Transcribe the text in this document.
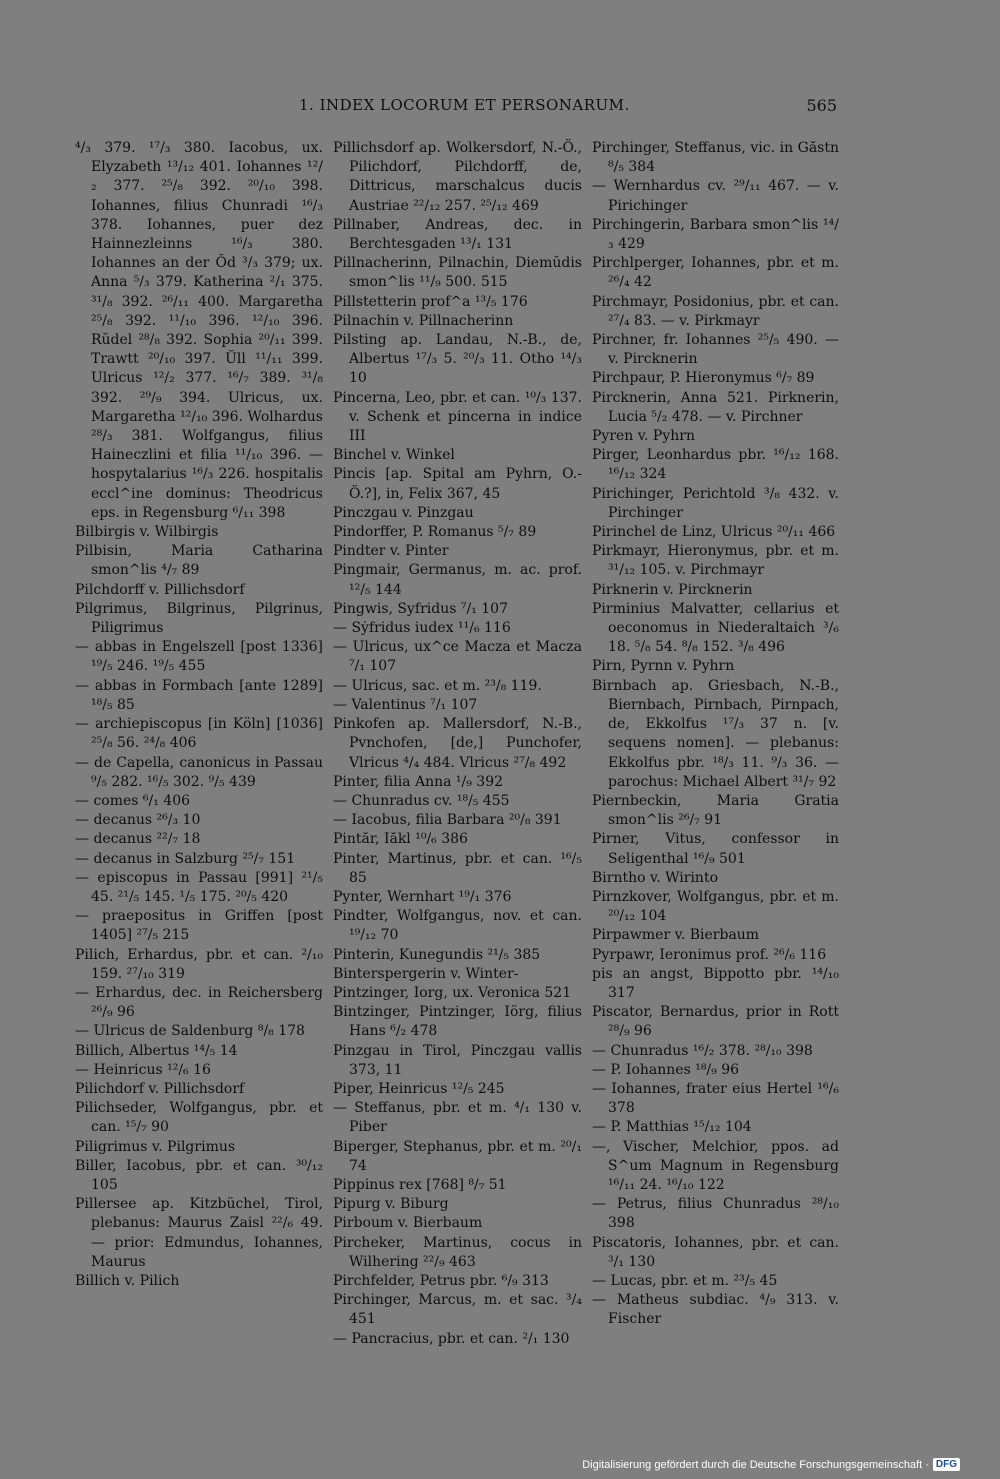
1. INDEX LOCORUM ET PERSONARUM.	565

⁴/₃ 379. ¹⁷/₃ 380. Iacobus, ux. Elyzabeth ¹³/₁₂ 401. Iohannes ¹²/₂ 377. ²⁵/₈ 392. ²⁰/₁₀ 398. Iohannes, filius Chunradi ¹⁶/₃ 378. Iohannes, puer dez Hainnezleinns ¹⁶/₃ 380. Iohannes an der Ŏd ³/₃ 379; ux. Anna ⁵/₃ 379. Katherina ²/₁ 375. ³¹/₈ 392. ²⁶/₁₁ 400. Margaretha ²⁵/₈ 392. ¹¹/₁₀ 396. ¹²/₁₀ 396. Rŭdel ²⁸/₈ 392. Sophia ²⁰/₁₁ 399. Trawtt ²⁰/₁₀ 397. Ŭll ¹¹/₁₁ 399. Ulricus ¹²/₂ 377. ¹⁶/₇ 389. ³¹/₈ 392. ²⁹/₉ 394. Ulricus, ux. Margaretha ¹²/₁₀ 396. Wolhardus ²⁸/₃ 381. Wolfgangus, filius Haineczlini et filia ¹¹/₁₀ 396. — hospytalarius ¹⁶/₃ 226. hospitalis eccl^ine dominus: Theodricus eps. in Regensburg ⁶/₁₁ 398

Bilbirgis v. Wilbirgis

Pilbisin, Maria Catharina smon^lis ⁴/₇ 89

Pilchdorff v. Pillichsdorf

Pilgrimus, Bilgrinus, Pilgrinus, Piligrimus

— abbas in Engelszell [post 1336] ¹⁹/₅ 246. ¹⁹/₅ 455

— abbas in Formbach [ante 1289] ¹⁸/₅ 85

— archiepiscopus [in Köln] [1036] ²⁵/₈ 56. ²⁴/₈ 406

— de Capella, canonicus in Passau ⁹/₅ 282. ¹⁶/₅ 302. ⁹/₅ 439

— comes ⁶/₁ 406

— decanus ²⁶/₃ 10

— decanus ²²/₇ 18

— decanus in Salzburg ²⁵/₇ 151

— episcopus in Passau [991] ²¹/₅ 45. ²¹/₅ 145. ¹/₅ 175. ²⁰/₅ 420

— praepositus in Griffen [post 1405] ²⁷/₅ 215

Pilich, Erhardus, pbr. et can. ²/₁₀ 159. ²⁷/₁₀ 319

— Erhardus, dec. in Reichersberg ²⁶/₉ 96

— Ulricus de Saldenburg ⁸/₈ 178

Billich, Albertus ¹⁴/₅ 14

— Heinricus ¹²/₆ 16

Pilichdorf v. Pillichsdorf

Pilichseder, Wolfgangus, pbr. et can. ¹⁵/₇ 90

Piligrimus v. Pilgrimus

Biller, Iacobus, pbr. et can. ³⁰/₁₂ 105

Pillersee ap. Kitzbüchel, Tirol, plebanus: Maurus Zaisl ²²/₆ 49. — prior: Edmundus, Iohannes, Maurus

Billich v. Pilich

Pillichsdorf ap. Wolkersdorf, N.-Ö., Pilichdorf, Pilchdorff, de, Dittricus, marschalcus ducis Austriae ²²/₁₂ 257. ²⁵/₁₂ 469

Pillnaber, Andreas, dec. in Berchtesgaden ¹³/₁ 131

Pillnacherinn, Pilnachin, Diemŭdis smon^lis ¹¹/₉ 500. 515

Pillstetterin prof^a ¹³/₅ 176

Pilnachin v. Pillnacherinn

Pilsting ap. Landau, N.-B., de, Albertus ¹⁷/₃ 5. ²⁰/₃ 11. Otho ¹⁴/₃ 10

Pincerna, Leo, pbr. et can. ¹⁰/₃ 137. v. Schenk et pincerna in indice III

Binchel v. Winkel

Pincis [ap. Spital am Pyhrn, O.-Ö.?], in, Felix 367, 45

Pinczgau v. Pinzgau

Pindorffer, P. Romanus ⁵/₇ 89

Pindter v. Pinter

Pingmair, Germanus, m. ac. prof. ¹²/₅ 144

Pingwis, Syfridus ⁷/₁ 107

— Sẏfridus iudex ¹¹/₆ 116

— Ulricus, ux^ce Macza et Macza ⁷/₁ 107

— Ulricus, sac. et m. ²³/₈ 119.

— Valentinus ⁷/₁ 107

Pinkofen ap. Mallersdorf, N.-B., Pvnchofen, [de,] Punchofer, Vlricus ⁴/₄ 484. Vlricus ²⁷/₈ 492

Pinter, filia Anna ¹/₉ 392

— Chunradus cv. ¹⁸/₅ 455

— Iacobus, filia Barbara ²⁰/₈ 391

Pintăr, Iăkl ¹⁰/₆ 386

Pinter, Martinus, pbr. et can. ¹⁶/₅ 85

Pynter, Wernhart ¹⁹/₁ 376

Pindter, Wolfgangus, nov. et can. ¹⁹/₁₂ 70

Pinterin, Kunegundis ²¹/₅ 385

Binterspergerin v. Winter-

Pintzinger, Iorg, ux. Veronica 521

Bintzinger, Pintzinger, Iörg, filius Hans ⁶/₂ 478

Pinzgau in Tirol, Pinczgau vallis 373, 11

Piper, Heinricus ¹²/₅ 245

— Steffanus, pbr. et m. ⁴/₁ 130 v. Piber

Biperger, Stephanus, pbr. et m. ²⁰/₁ 74

Pippinus rex [768] ⁸/₇ 51

Pipurg v. Biburg

Pirboum v. Bierbaum

Pircheker, Martinus, cocus in Wilhering ²²/₉ 463

Pirchfelder, Petrus pbr. ⁶/₉ 313

Pirchinger, Marcus, m. et sac. ³/₄ 451

— Pancracius, pbr. et can. ²/₁ 130

Pirchinger, Steffanus, vic. in Găstn ⁸/₅ 384

— Wernhardus cv. ²⁹/₁₁ 467. — v. Pirichinger

Pirchingerin, Barbara smon^lis ¹⁴/₃ 429

Pirchlperger, Iohannes, pbr. et m. ²⁶/₄ 42

Pirchmayr, Posidonius, pbr. et can. ²⁷/₄ 83. — v. Pirkmayr

Pirchner, fr. Iohannes ²⁵/₅ 490. — v. Pircknerin

Pirchpaur, P. Hieronymus ⁶/₇ 89

Pircknerin, Anna 521. Pirknerin, Lucia ⁵/₂ 478. — v. Pirchner

Pyren v. Pyhrn

Pirger, Leonhardus pbr. ¹⁶/₁₂ 168. ¹⁶/₁₂ 324

Pirichinger, Perichtold ³/₈ 432. v. Pirchinger

Pirinchel de Linz, Ulricus ²⁰/₁₁ 466

Pirkmayr, Hieronymus, pbr. et m. ³¹/₁₂ 105. v. Pirchmayr

Pirknerin v. Pircknerin

Pirminius Malvatter, cellarius et oeconomus in Niederaltaich ³/₆ 18. ⁵/₈ 54. ⁸/₈ 152. ³/₈ 496

Pirn, Pyrnn v. Pyhrn

Birnbach ap. Griesbach, N.-B., Biernbach, Pirnbach, Pirnpach, de, Ekkolfus ¹⁷/₃ 37 n. [v. sequens nomen]. — plebanus: Ekkolfus pbr. ¹⁸/₃ 11. ⁹/₃ 36. — parochus: Michael Albert ³¹/₇ 92

Piernbeckin, Maria Gratia smon^lis ²⁶/₇ 91

Pirner, Vitus, confessor in Seligenthal ¹⁶/₉ 501

Birntho v. Wirinto

Pirnzkover, Wolfgangus, pbr. et m. ²⁰/₁₂ 104

Pirpawmer v. Bierbaum

Pyrpawr, Ieronimus prof. ²⁶/₆ 116

pis an angst, Bippotto pbr. ¹⁴/₁₀ 317

Piscator, Bernardus, prior in Rott ²⁸/₉ 96

— Chunradus ¹⁶/₂ 378. ²⁸/₁₀ 398

— P. Iohannes ¹⁸/₉ 96

— Iohannes, frater eius Hertel ¹⁶/₆ 378

— P. Matthias ¹⁵/₁₂ 104

—, Vischer, Melchior, ppos. ad S^um Magnum in Regensburg ¹⁶/₁₁ 24. ¹⁶/₁₀ 122

— Petrus, filius Chunradus ²⁸/₁₀ 398

Piscatoris, Iohannes, pbr. et can. ³/₁ 130

— Lucas, pbr. et m. ²³/₅ 45

— Matheus subdiac. ⁴/₉ 313. v. Fischer

Digitalisierung gefördert durch die Deutsche Forschungsgemeinschaft · DFG
